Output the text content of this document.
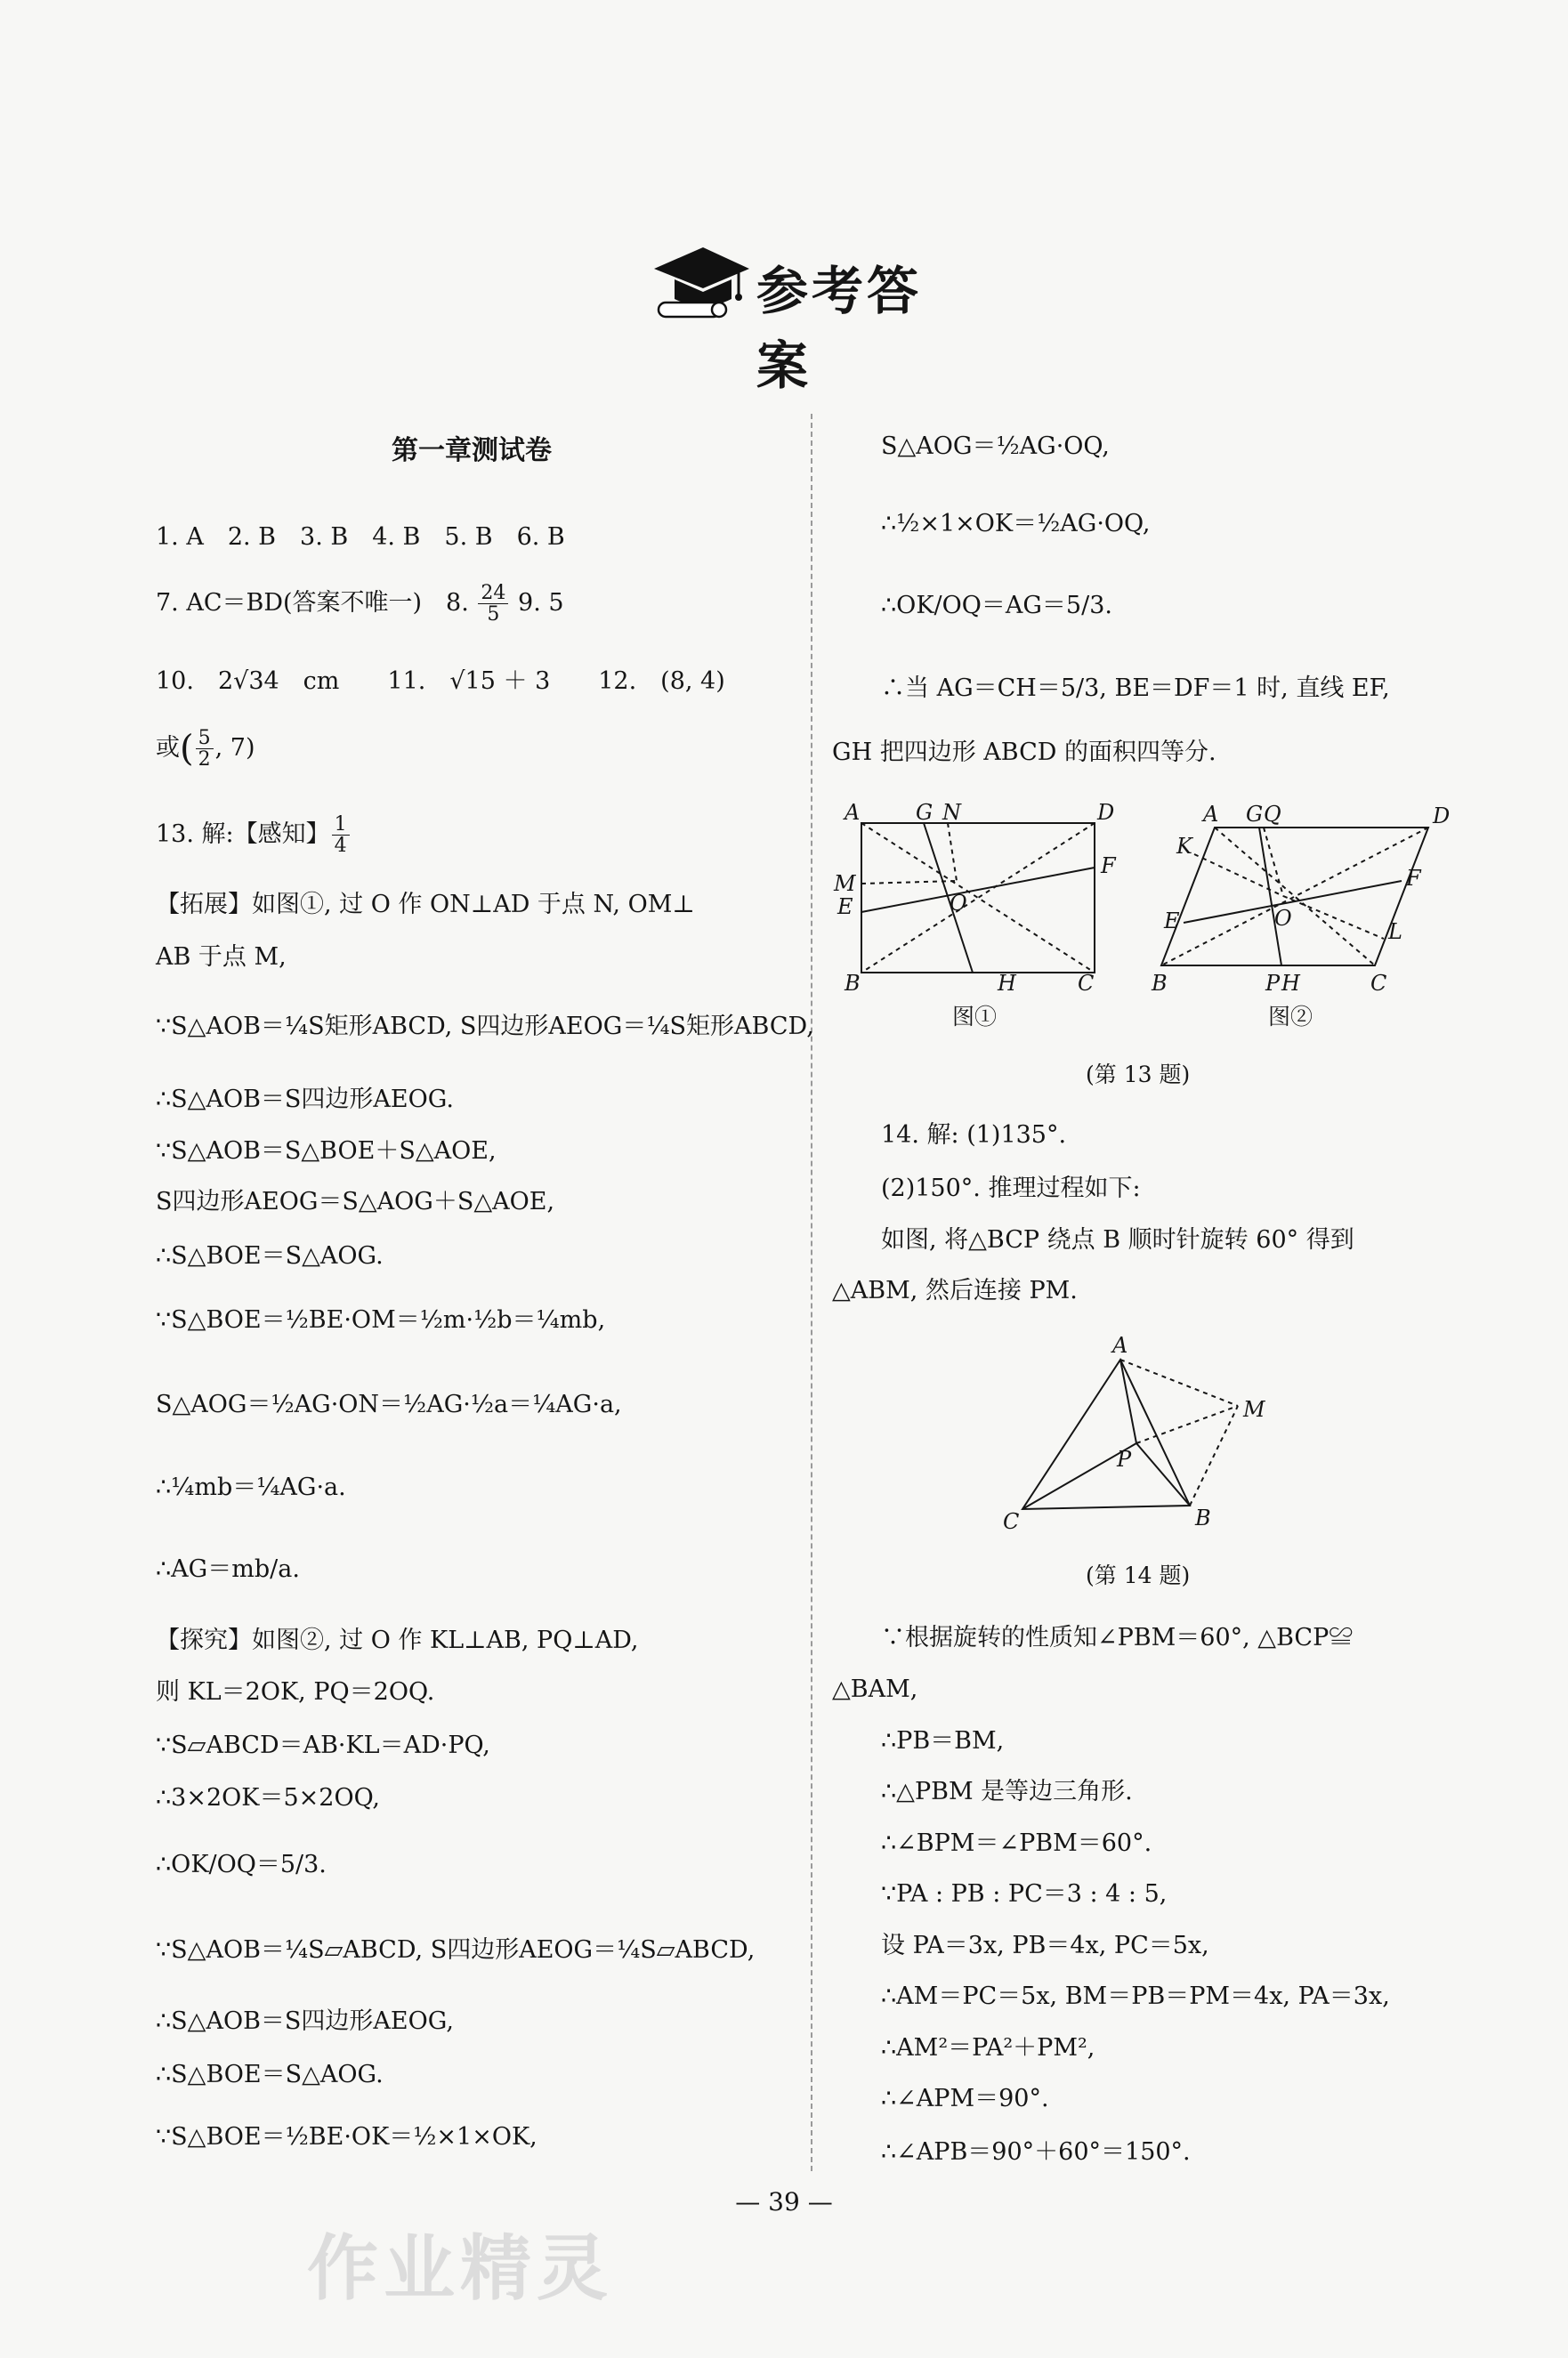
参考答案
第一章测试卷
1. A　2. B　3. B　4. B　5. B　6. B
7. AC＝BD(答案不唯一)　8. $\frac{24}{5} 9$. 5
10.　2√34　cm　　11.　√15 ＋ 3　　12.　(8, 4)
或( $\frac{5}{2}$ , 7)
13. 解:【感知】 $\frac{1}{4}$
【拓展】如图①, 过 O 作 ON⊥AD 于点 N, OM⊥
AB 于点 M,
∵S△AOB＝¼S矩形ABCD, S四边形AEOG＝¼S矩形ABCD,
∴S△AOB＝S四边形AEOG.
∵S△AOB＝S△BOE＋S△AOE,
S四边形AEOG＝S△AOG＋S△AOE,
∴S△BOE＝S△AOG.
∵S△BOE＝½BE·OM＝½m·½b＝¼mb,
S△AOG＝½AG·ON＝½AG·½a＝¼AG·a,
∴¼mb＝¼AG·a.
∴AG＝mb/a.
【探究】如图②, 过 O 作 KL⊥AB, PQ⊥AD,
则 KL＝2OK, PQ＝2OQ.
∵S▱ABCD＝AB·KL＝AD·PQ,
∴3×2OK＝5×2OQ,
∴OK/OQ＝5/3.
∵S△AOB＝¼S▱ABCD, S四边形AEOG＝¼S▱ABCD,
∴S△AOB＝S四边形AEOG,
∴S△BOE＝S△AOG.
∵S△BOE＝½BE·OK＝½×1×OK,
S△AOG＝½AG·OQ,
∴½×1×OK＝½AG·OQ,
∴OK/OQ＝AG＝5/3.
∴当 AG＝CH＝5/3, BE＝DF＝1 时, 直线 EF,
GH 把四边形 ABCD 的面积四等分.
A	G N	D
M
F
E	O
B	H	C
图①
A G Q	D
K
F
E	O
L
B	P H	C
图②
(第 13 题)
14. 解: (1)135°.
(2)150°. 推理过程如下:
如图, 将△BCP 绕点 B 顺时针旋转 60° 得到
△ABM, 然后连接 PM.
A
M
P
C	B
(第 14 题)
∵根据旋转的性质知∠PBM＝60°, △BCP≌
△BAM,
∴PB＝BM,
∴△PBM 是等边三角形.
∴∠BPM＝∠PBM＝60°.
∵PA : PB : PC＝3 : 4 : 5,
设 PA＝3x, PB＝4x, PC＝5x,
∴AM＝PC＝5x, BM＝PB＝PM＝4x, PA＝3x,
∴AM²＝PA²＋PM²,
∴∠APM＝90°.
∴∠APB＝90°＋60°＝150°.
— 39 —
作业精灵
